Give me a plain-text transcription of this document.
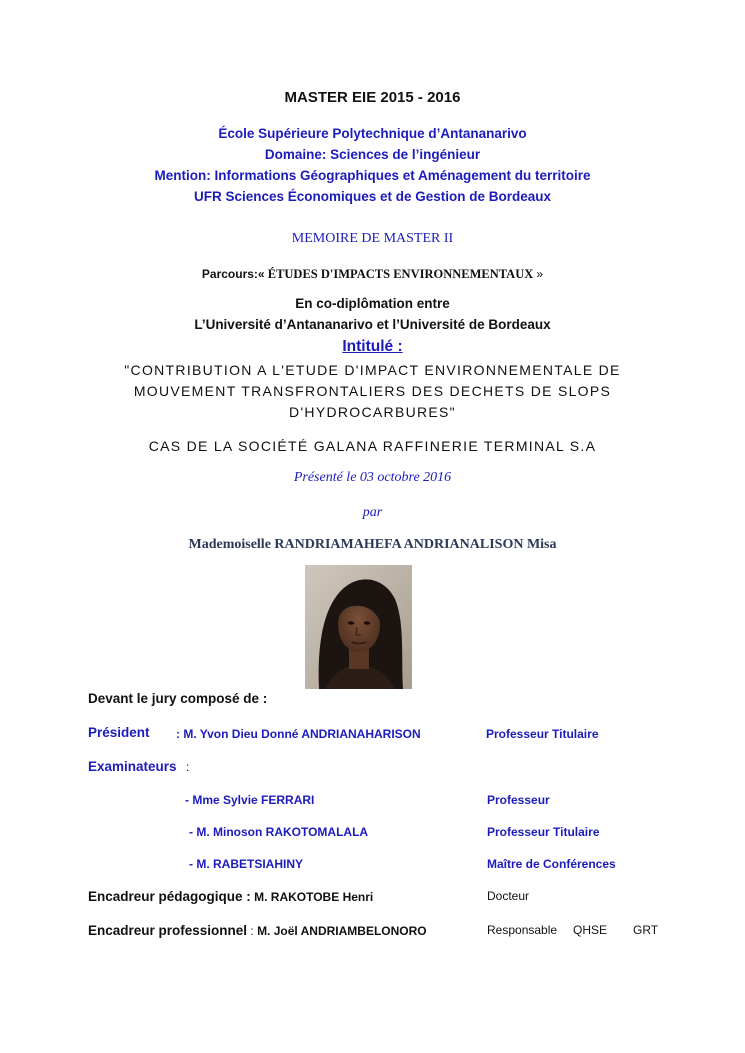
MASTER EIE 2015 - 2016
École Supérieure Polytechnique d’Antananarivo
Domaine: Sciences de l’ingénieur
Mention: Informations Géographiques et Aménagement du territoire
UFR Sciences Économiques et de Gestion de Bordeaux
MEMOIRE DE MASTER II
Parcours:« ÉTUDES D'IMPACTS ENVIRONNEMENTAUX »
En co-diplômation entre
L’Université d’Antananarivo et l’Université de Bordeaux
Intitulé :
"CONTRIBUTION A L'ETUDE D'IMPACT ENVIRONNEMENTALE DE
MOUVEMENT TRANSFRONTALIERS DES DECHETS DE SLOPS
D'HYDROCARBURES"
CAS DE LA SOCIÉTÉ GALANA RAFFINERIE TERMINAL S.A
Présenté le 03 octobre 2016
par
Mademoiselle RANDRIAMAHEFA ANDRIANALISON Misa
Devant le jury composé de :
Président : M. Yvon Dieu Donné ANDRIANAHARISON	Professeur Titulaire
Examinateurs :
- Mme Sylvie FERRARI	Professeur
- M. Minoson RAKOTOMALALA	Professeur Titulaire
- M. RABETSIAHINY	Maître de Conférences
Encadreur pédagogique : M. RAKOTOBE Henri	Docteur
Encadreur professionnel : M. Joël ANDRIAMBELONORO	Responsable QHSE GRT
